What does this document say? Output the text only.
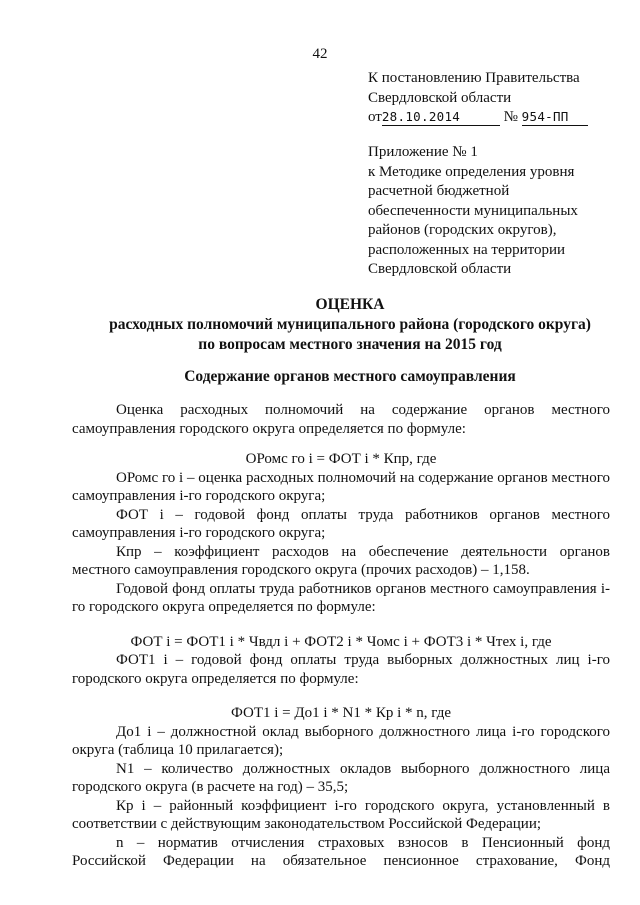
42
К постановлению Правительства
Свердловской области
от28.10.2014	№ 954-ПП
Приложение № 1
к Методике определения уровня
расчетной бюджетной
обеспеченности муниципальных
районов (городских округов),
расположенных на территории
Свердловской области
ОЦЕНКА
расходных полномочий муниципального района (городского округа)
по вопросам местного значения на 2015 год
Содержание органов местного самоуправления

Оценка расходных полномочий на содержание органов местного самоуправления городского округа определяется по формуле:

ОРомс го i = ФОТ i * Кпр, где

ОРомс го i – оценка расходных полномочий на содержание органов местного самоуправления i-го городского округа;

ФОТ i – годовой фонд оплаты труда работников органов местного самоуправления i-го городского округа;

Кпр – коэффициент расходов на обеспечение деятельности органов местного самоуправления городского округа (прочих расходов) – 1,158.

Годовой фонд оплаты труда работников органов местного самоуправления i-го городского округа определяется по формуле:

ФОТ i = ФОТ1 i * Чвдл i + ФОТ2 i * Чомс i + ФОТ3 i * Чтех i, где

ФОТ1 i – годовой фонд оплаты труда выборных должностных лиц i-го городского округа определяется по формуле:

ФОТ1 i = До1 i * N1 * Кр i * n, где

До1 i – должностной оклад выборного должностного лица i-го городского округа (таблица 10 прилагается);

N1 – количество должностных окладов выборного должностного лица городского округа (в расчете на год) – 35,5;

Кр i – районный коэффициент i-го городского округа, установленный в соответствии с действующим законодательством Российской Федерации;

n – норматив отчисления страховых взносов в Пенсионный фонд Российской Федерации на обязательное пенсионное страхование, Фонд
